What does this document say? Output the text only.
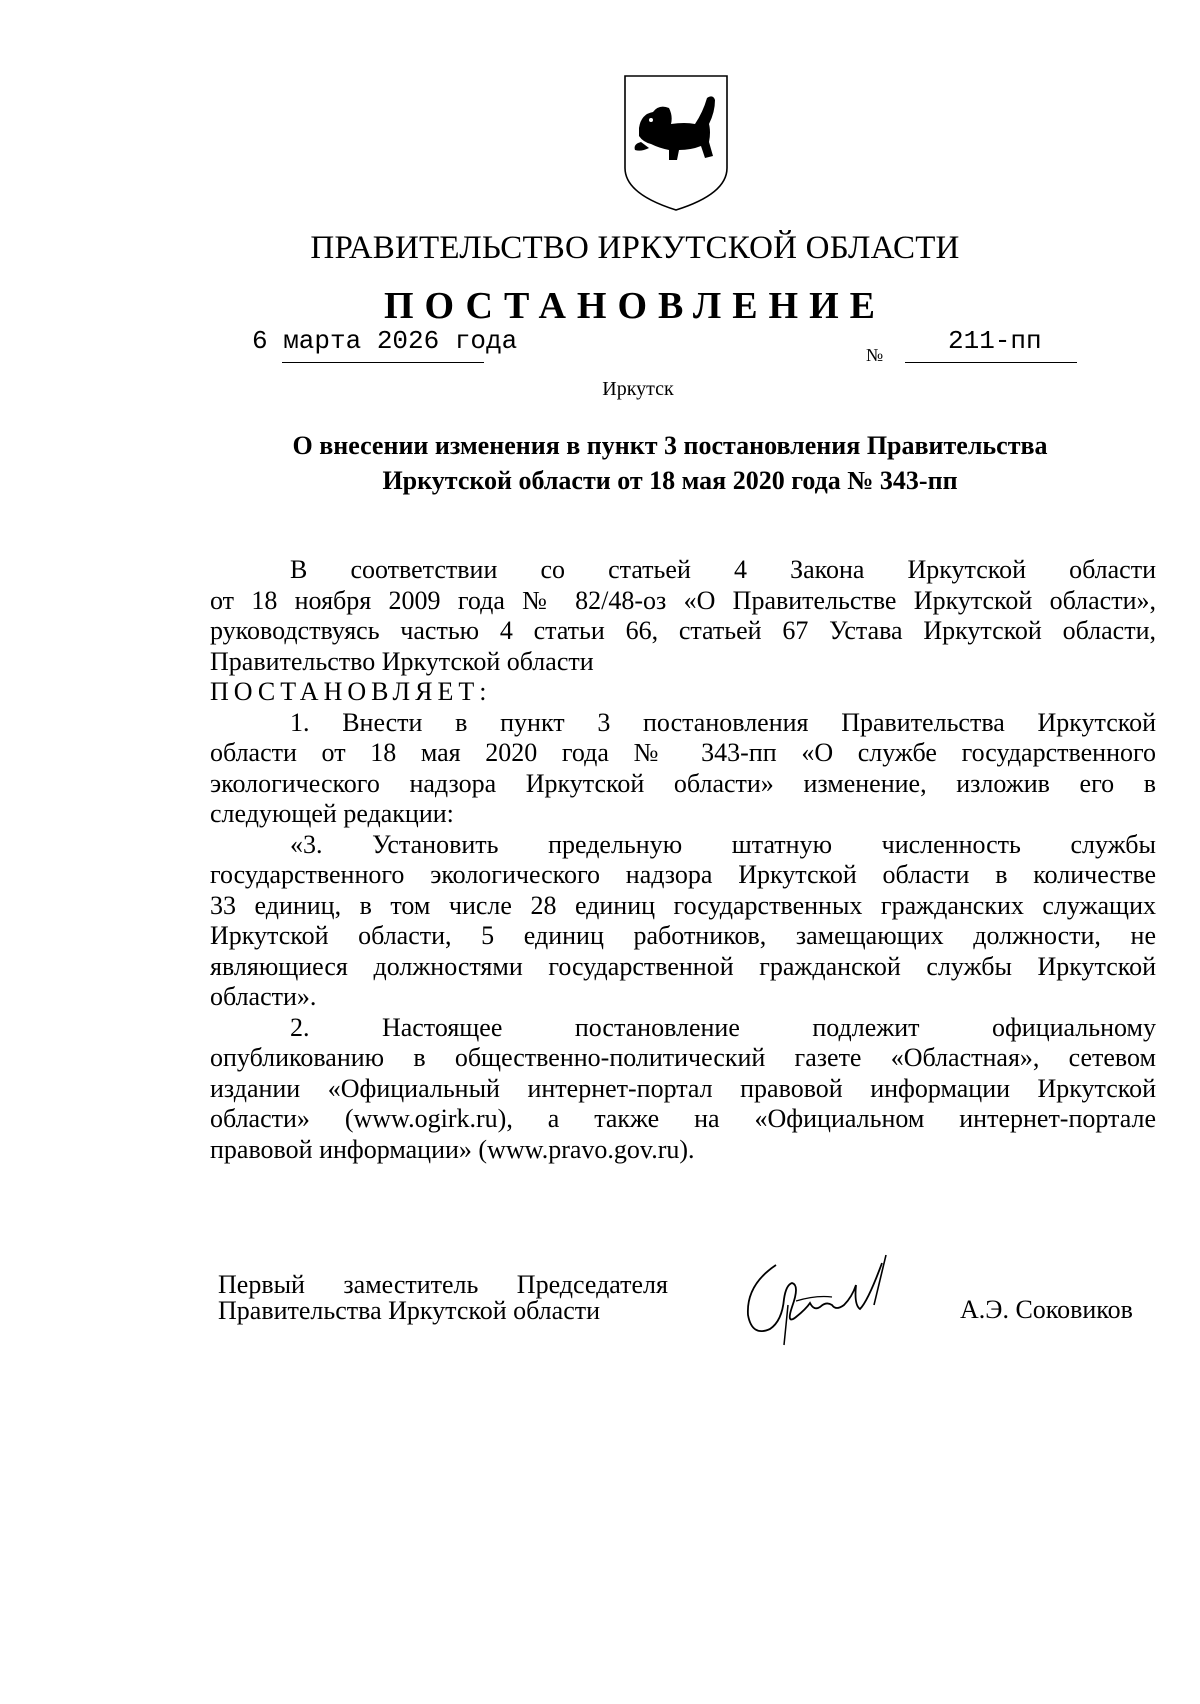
ПРАВИТЕЛЬСТВО ИРКУТСКОЙ ОБЛАСТИ
ПОСТАНОВЛЕНИЕ
6 марта 2026 года	№ 211-пп
Иркутск
О внесении изменения в пункт 3 постановления Правительства
Иркутской области от 18 мая 2020 года № 343-пп

В соответствии со статьей 4 Закона Иркутской области

от 18 ноября 2009 года № 82/48-оз «О Правительстве Иркутской области»,

руководствуясь частью 4 статьи 66, статьей 67 Устава Иркутской области,

Правительство Иркутской области

ПОСТАНОВЛЯЕТ:

1. Внести в пункт 3 постановления Правительства Иркутской

области от 18 мая 2020 года № 343-пп «О службе государственного

экологического надзора Иркутской области» изменение, изложив его в

следующей редакции:

«3. Установить предельную штатную численность службы

государственного экологического надзора Иркутской области в количестве

33 единиц, в том числе 28 единиц государственных гражданских служащих

Иркутской области, 5 единиц работников, замещающих должности, не

являющиеся должностями государственной гражданской службы Иркутской

области».

2. Настоящее постановление подлежит официальному

опубликованию в общественно-политический газете «Областная», сетевом

издании «Официальный интернет-портал правовой информации Иркутской

области» (www.ogirk.ru), а также на «Официальном интернет-портале

правовой информации» (www.pravo.gov.ru).

Первый заместитель Председателя
Правительства Иркутской области	А.Э. Соковиков
